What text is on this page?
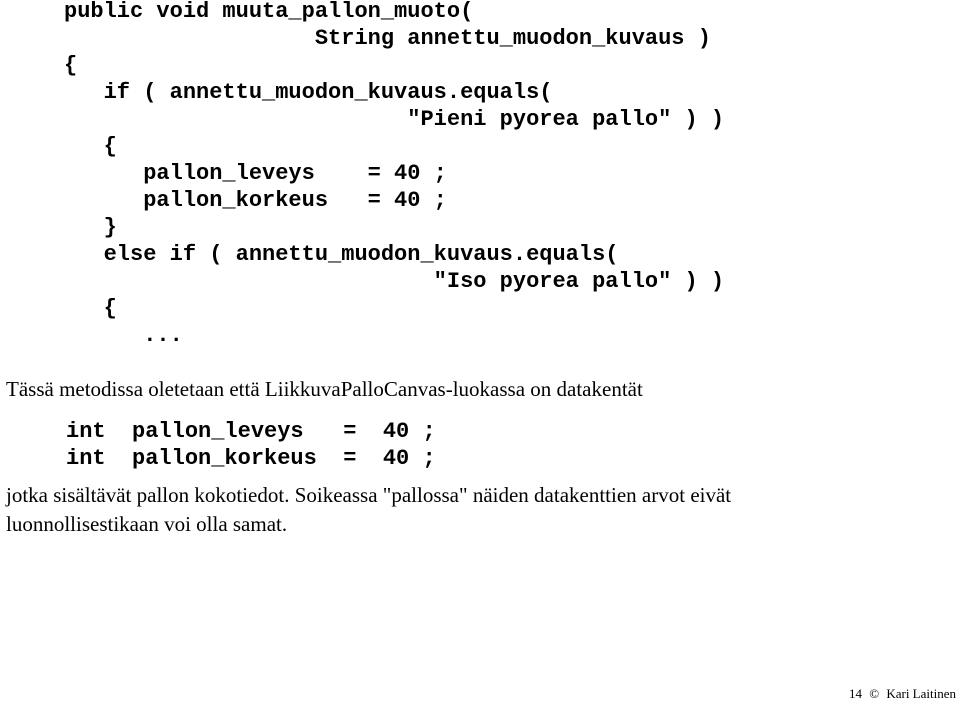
public void muuta_pallon_muoto(
String annettu_muodon_kuvaus )
{
if ( annettu_muodon_kuvaus.equals(
"Pieni pyorea pallo" ) )
{
pallon_leveys    = 40 ;
pallon_korkeus   = 40 ;
}
else if ( annettu_muodon_kuvaus.equals(
"Iso pyorea pallo" ) )
{
...

Tässä metodissa oletetaan että LiikkuvaPalloCanvas-luokassa on datakentät

int  pallon_leveys   =  40 ;
int  pallon_korkeus  =  40 ;

jotka sisältävät pallon kokotiedot. Soikeassa "pallossa" näiden datakenttien arvot eivät

luonnollisestikaan voi olla samat.

14 © Kari Laitinen
